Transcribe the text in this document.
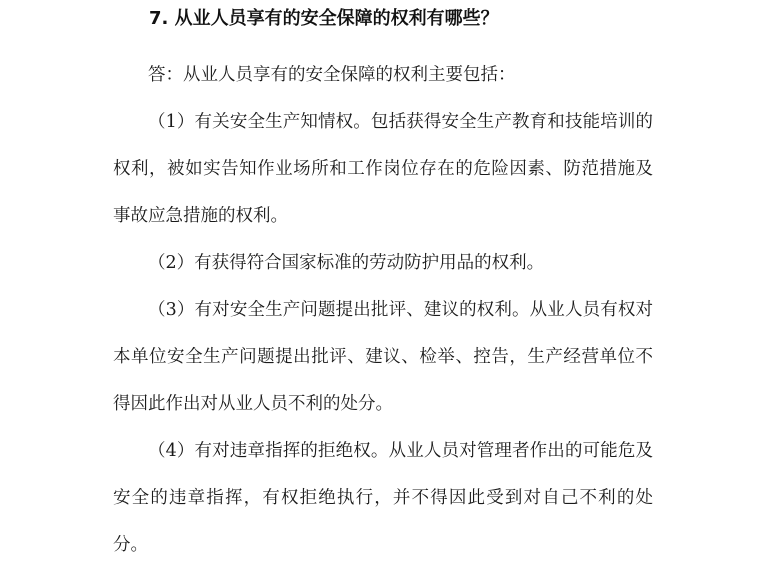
7. 从业人员享有的安全保障的权利有哪些？

答：从业人员享有的安全保障的权利主要包括：

（1）有关安全生产知情权。包括获得安全生产教育和技能培训的权利，被如实告知作业场所和工作岗位存在的危险因素、防范措施及事故应急措施的权利。

（2）有获得符合国家标准的劳动防护用品的权利。

（3）有对安全生产问题提出批评、建议的权利。从业人员有权对本单位安全生产问题提出批评、建议、检举、控告，生产经营单位不得因此作出对从业人员不利的处分。

（4）有对违章指挥的拒绝权。从业人员对管理者作出的可能危及安全的违章指挥，有权拒绝执行，并不得因此受到对自己不利的处分。
